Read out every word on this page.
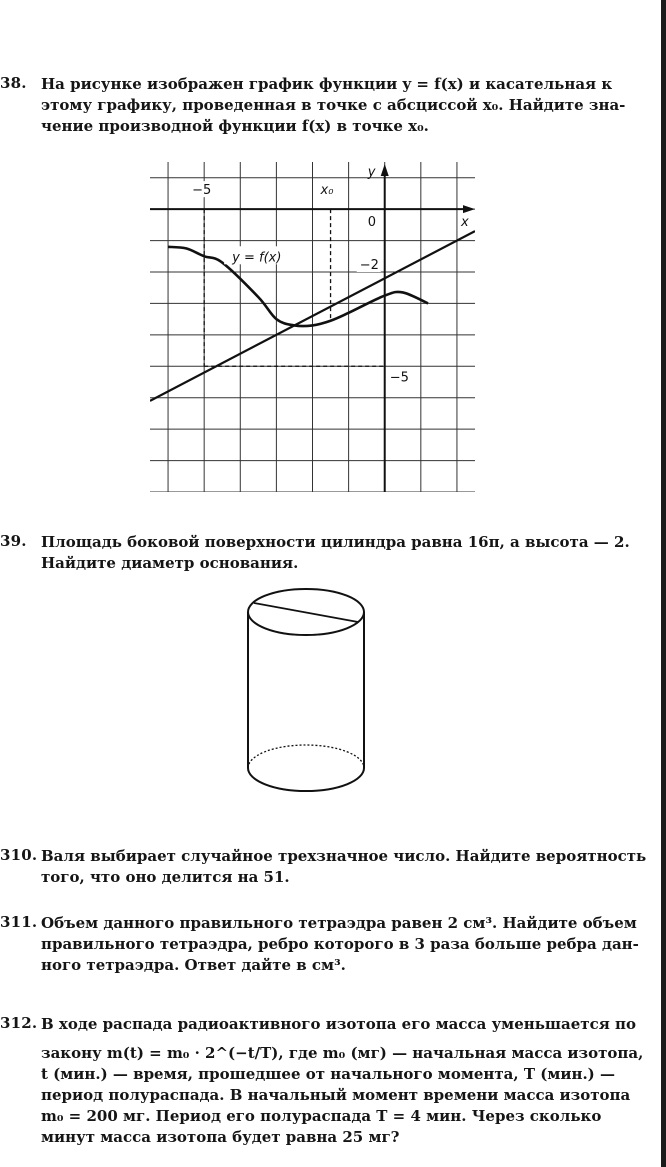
38. На рисунке изображен график функции y = f(x) и касательная к
этому графику, проведенная в точке с абсциссой x₀. Найдите зна-
чение производной функции f(x) в точке x₀.
−5	x₀
0	x
y
y = f(x)
−2
−5
39. Площадь боковой поверхности цилиндра равна 16π, а высота — 2.
Найдите диаметр основания.
310. Валя выбирает случайное трехзначное число. Найдите вероятность
того, что оно делится на 51.
311. Объем данного правильного тетраэдра равен 2 см³. Найдите объем
правильного тетраэдра, ребро которого в 3 раза больше ребра дан-
ного тетраэдра. Ответ дайте в см³.
312. В ходе распада радиоактивного изотопа его масса уменьшается по
закону m(t) = m₀ · 2^(−t/T), где m₀ (мг) — начальная масса изотопа,
t (мин.) — время, прошедшее от начального момента, T (мин.) —
период полураспада. В начальный момент времени масса изотопа
m₀ = 200 мг. Период его полураспада T = 4 мин. Через сколько
минут масса изотопа будет равна 25 мг?
